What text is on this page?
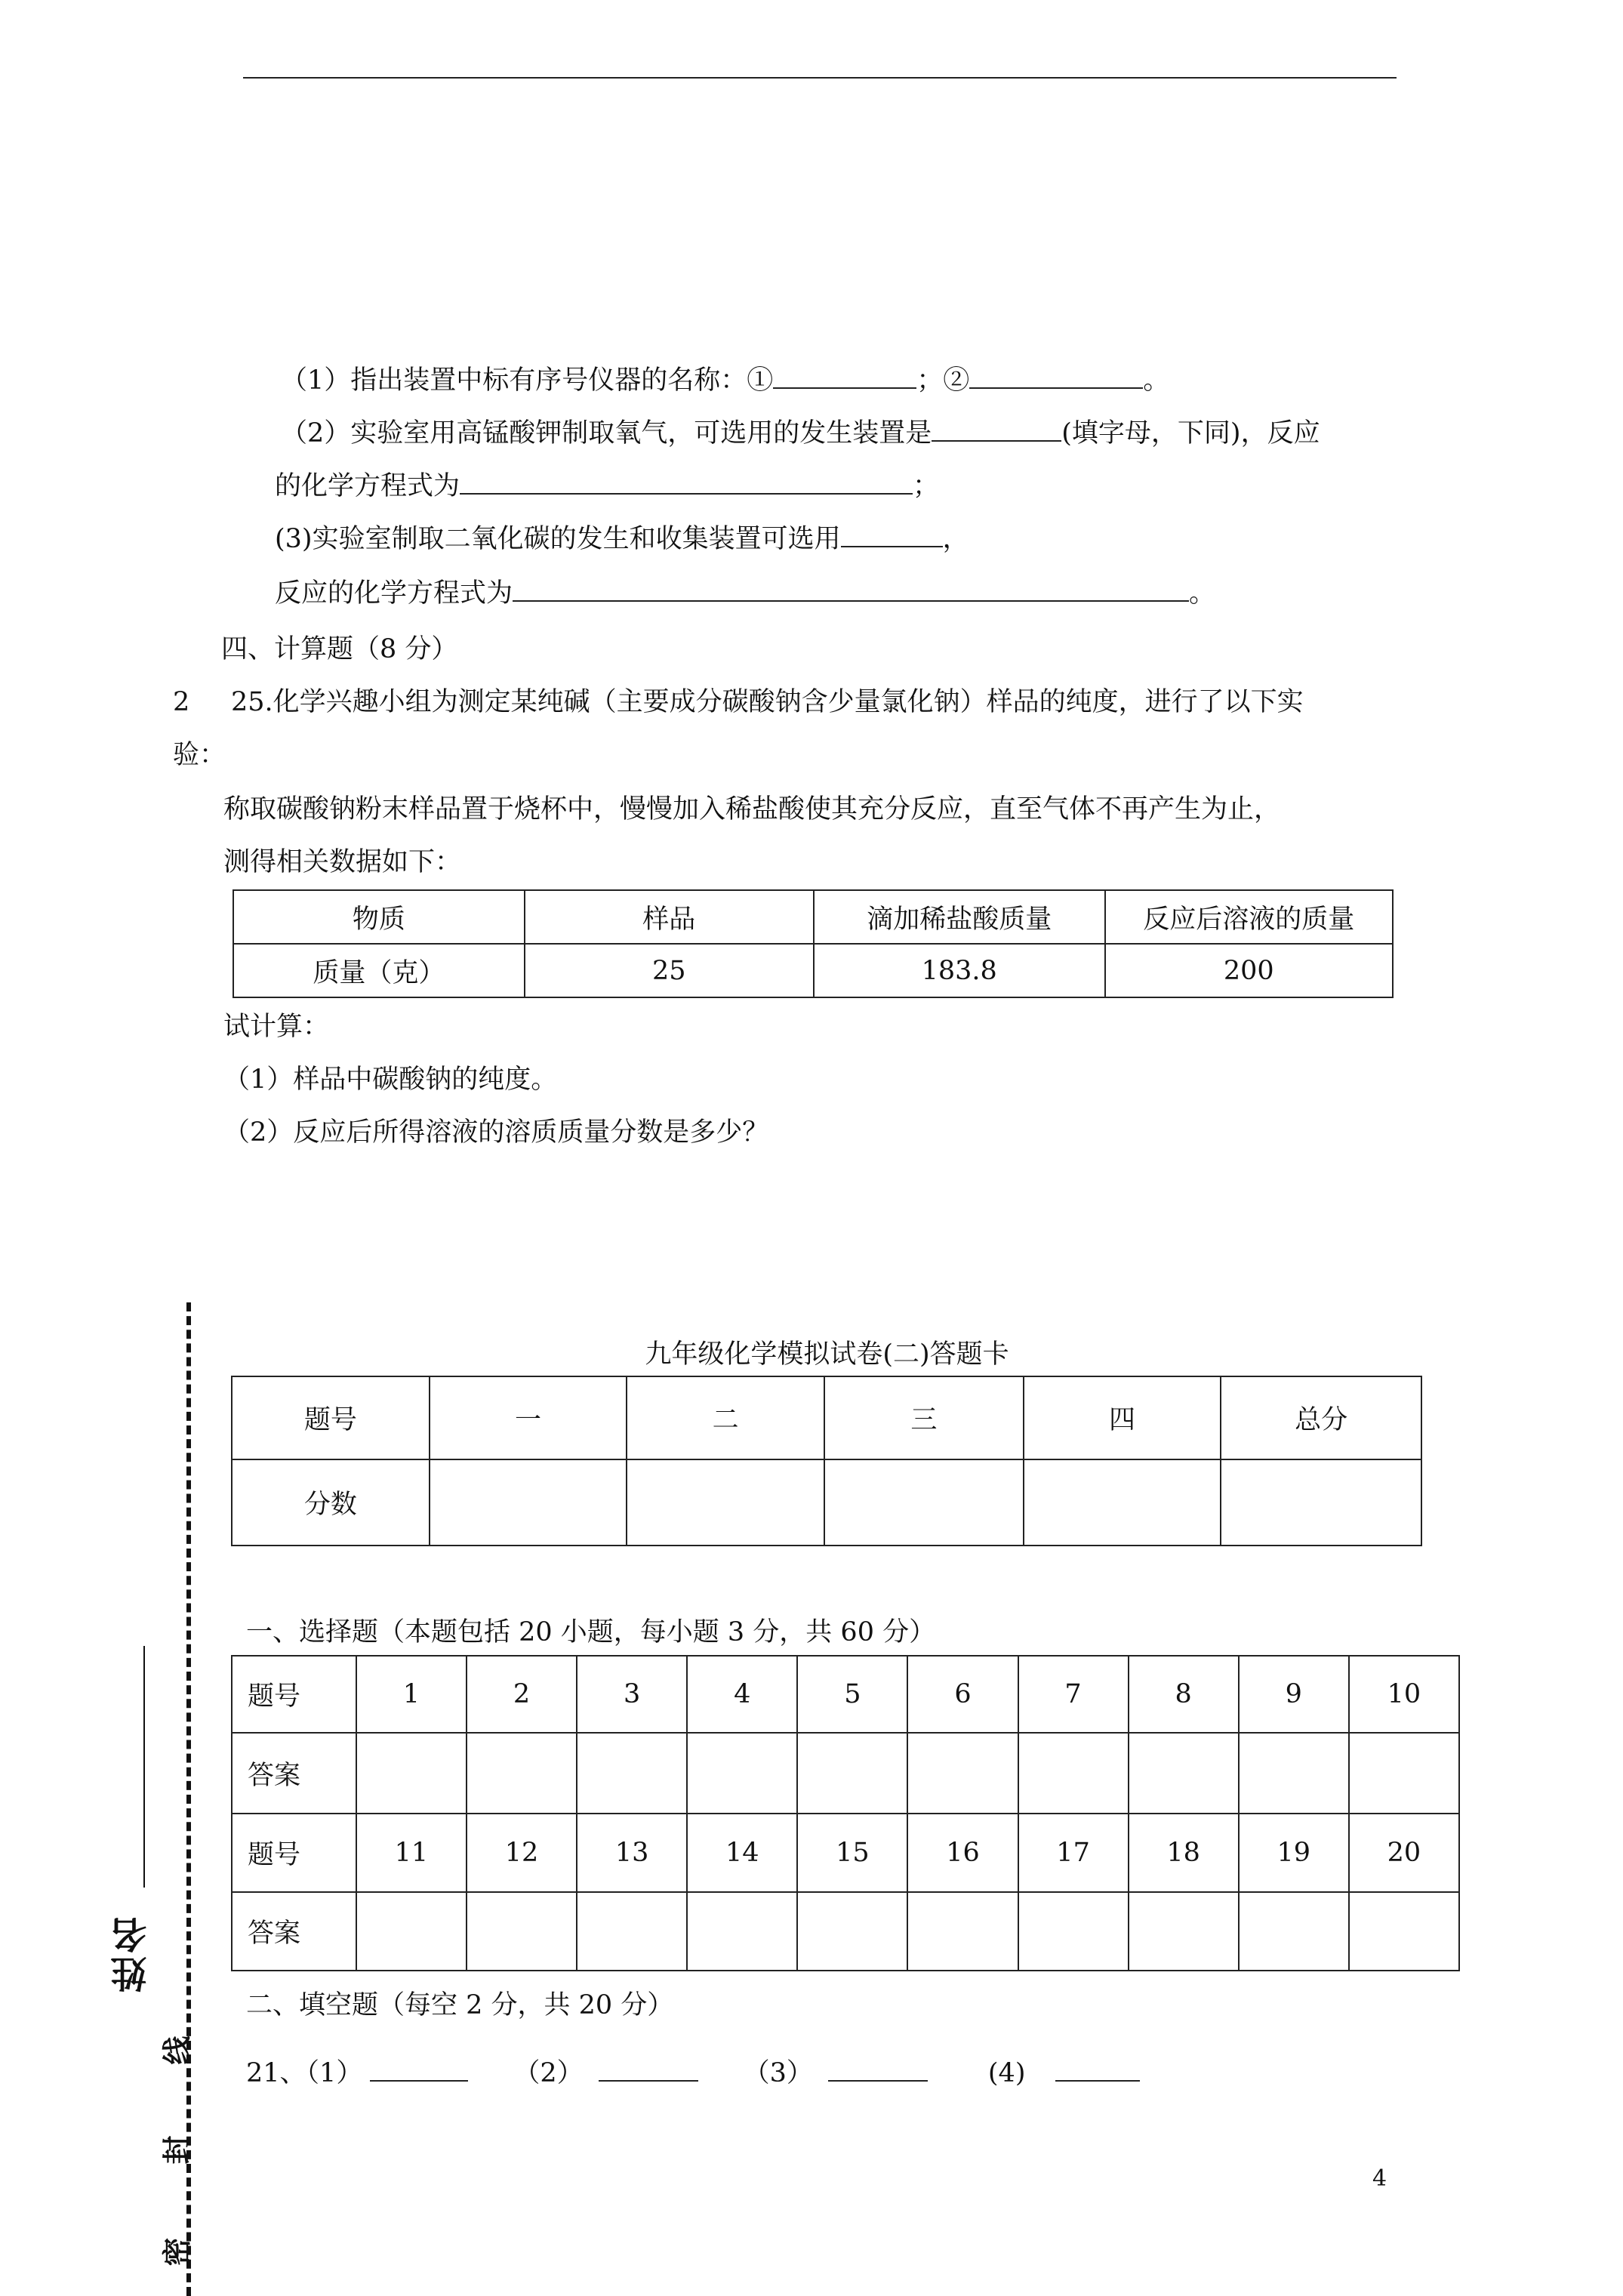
（1）指出装置中标有序号仪器的名称：①	；②	。
（2）实验室用高锰酸钾制取氧气，可选用的发生装置是	(填字母，下同)，反应
的化学方程式为	；
(3)实验室制取二氧化碳的发生和收集装置可选用	，
反应的化学方程式为	。
四、计算题（8 分）
2 25.化学兴趣小组为测定某纯碱（主要成分碳酸钠含少量氯化钠）样品的纯度，进行了以下实
验：
称取碳酸钠粉末样品置于烧杯中，慢慢加入稀盐酸使其充分反应，直至气体不再产生为止，
测得相关数据如下：
物质	样品	滴加稀盐酸质量	反应后溶液的质量
质量（克）	25	183.8	200
试计算：
（1）样品中碳酸钠的纯度。
（2）反应后所得溶液的溶质质量分数是多少？
九年级化学模拟试卷(二)答题卡
题号	一	二	三	四	总分
分数					
一、选择题（本题包括 20 小题，每小题 3 分，共 60 分）
题号	1	2	3	4	5	6	7	8	9	10
答案										
题号	11	12	13	14	15	16	17	18	19	20
答案										
二、填空题（每空 2 分，共 20 分）
21、（1）	（2）	（3）	(4)
姓名
线
封
密
4
